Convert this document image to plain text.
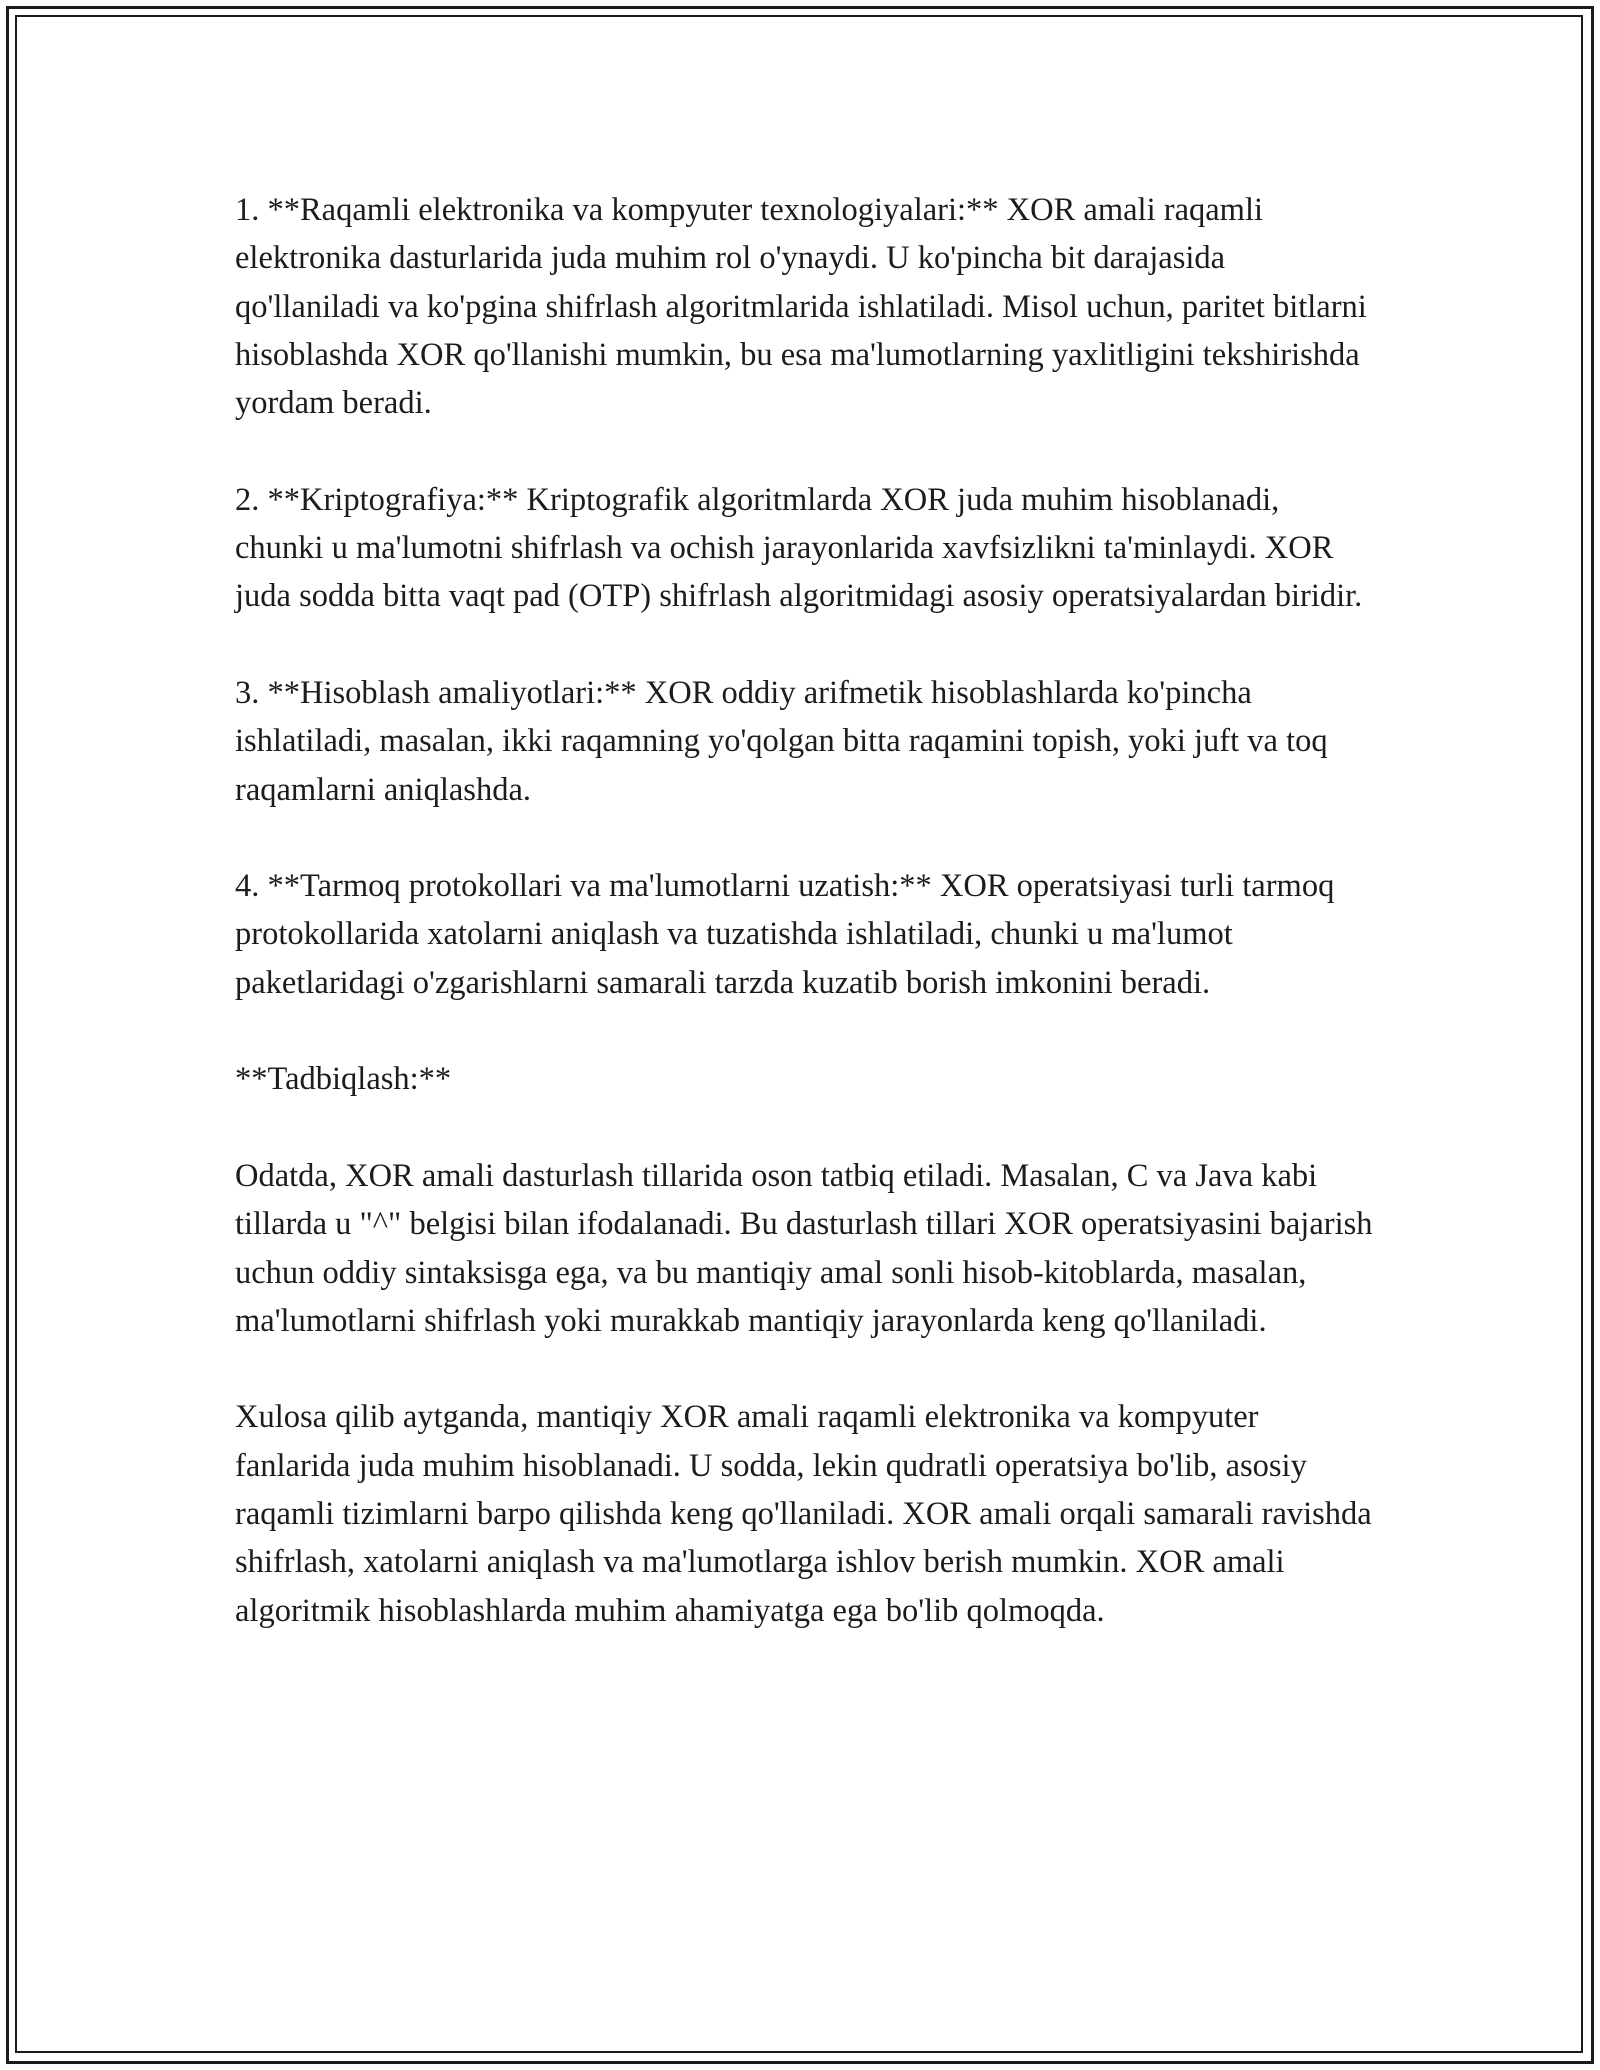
1. **Raqamli elektronika va kompyuter texnologiyalari:** XOR amali raqamli elektronika dasturlarida juda muhim rol o'ynaydi. U ko'pincha bit darajasida qo'llaniladi va ko'pgina shifrlash algoritmlarida ishlatiladi. Misol uchun, paritet bitlarni hisoblashda XOR qo'llanishi mumkin, bu esa ma'lumotlarning yaxlitligini tekshirishda yordam beradi.

2. **Kriptografiya:** Kriptografik algoritmlarda XOR juda muhim hisoblanadi, chunki u ma'lumotni shifrlash va ochish jarayonlarida xavfsizlikni ta'minlaydi. XOR juda sodda bitta vaqt pad (OTP) shifrlash algoritmidagi asosiy operatsiyalardan biridir.

3. **Hisoblash amaliyotlari:** XOR oddiy arifmetik hisoblashlarda ko'pincha ishlatiladi, masalan, ikki raqamning yo'qolgan bitta raqamini topish, yoki juft va toq raqamlarni aniqlashda.

4. **Tarmoq protokollari va ma'lumotlarni uzatish:** XOR operatsiyasi turli tarmoq protokollarida xatolarni aniqlash va tuzatishda ishlatiladi, chunki u ma'lumot paketlaridagi o'zgarishlarni samarali tarzda kuzatib borish imkonini beradi.

**Tadbiqlash:**

Odatda, XOR amali dasturlash tillarida oson tatbiq etiladi. Masalan, C va Java kabi tillarda u "^" belgisi bilan ifodalanadi. Bu dasturlash tillari XOR operatsiyasini bajarish uchun oddiy sintaksisga ega, va bu mantiqiy amal sonli hisob-kitoblarda, masalan, ma'lumotlarni shifrlash yoki murakkab mantiqiy jarayonlarda keng qo'llaniladi.

Xulosa qilib aytganda, mantiqiy XOR amali raqamli elektronika va kompyuter fanlarida juda muhim hisoblanadi. U sodda, lekin qudratli operatsiya bo'lib, asosiy raqamli tizimlarni barpo qilishda keng qo'llaniladi. XOR amali orqali samarali ravishda shifrlash, xatolarni aniqlash va ma'lumotlarga ishlov berish mumkin. XOR amali algoritmik hisoblashlarda muhim ahamiyatga ega bo'lib qolmoqda.
